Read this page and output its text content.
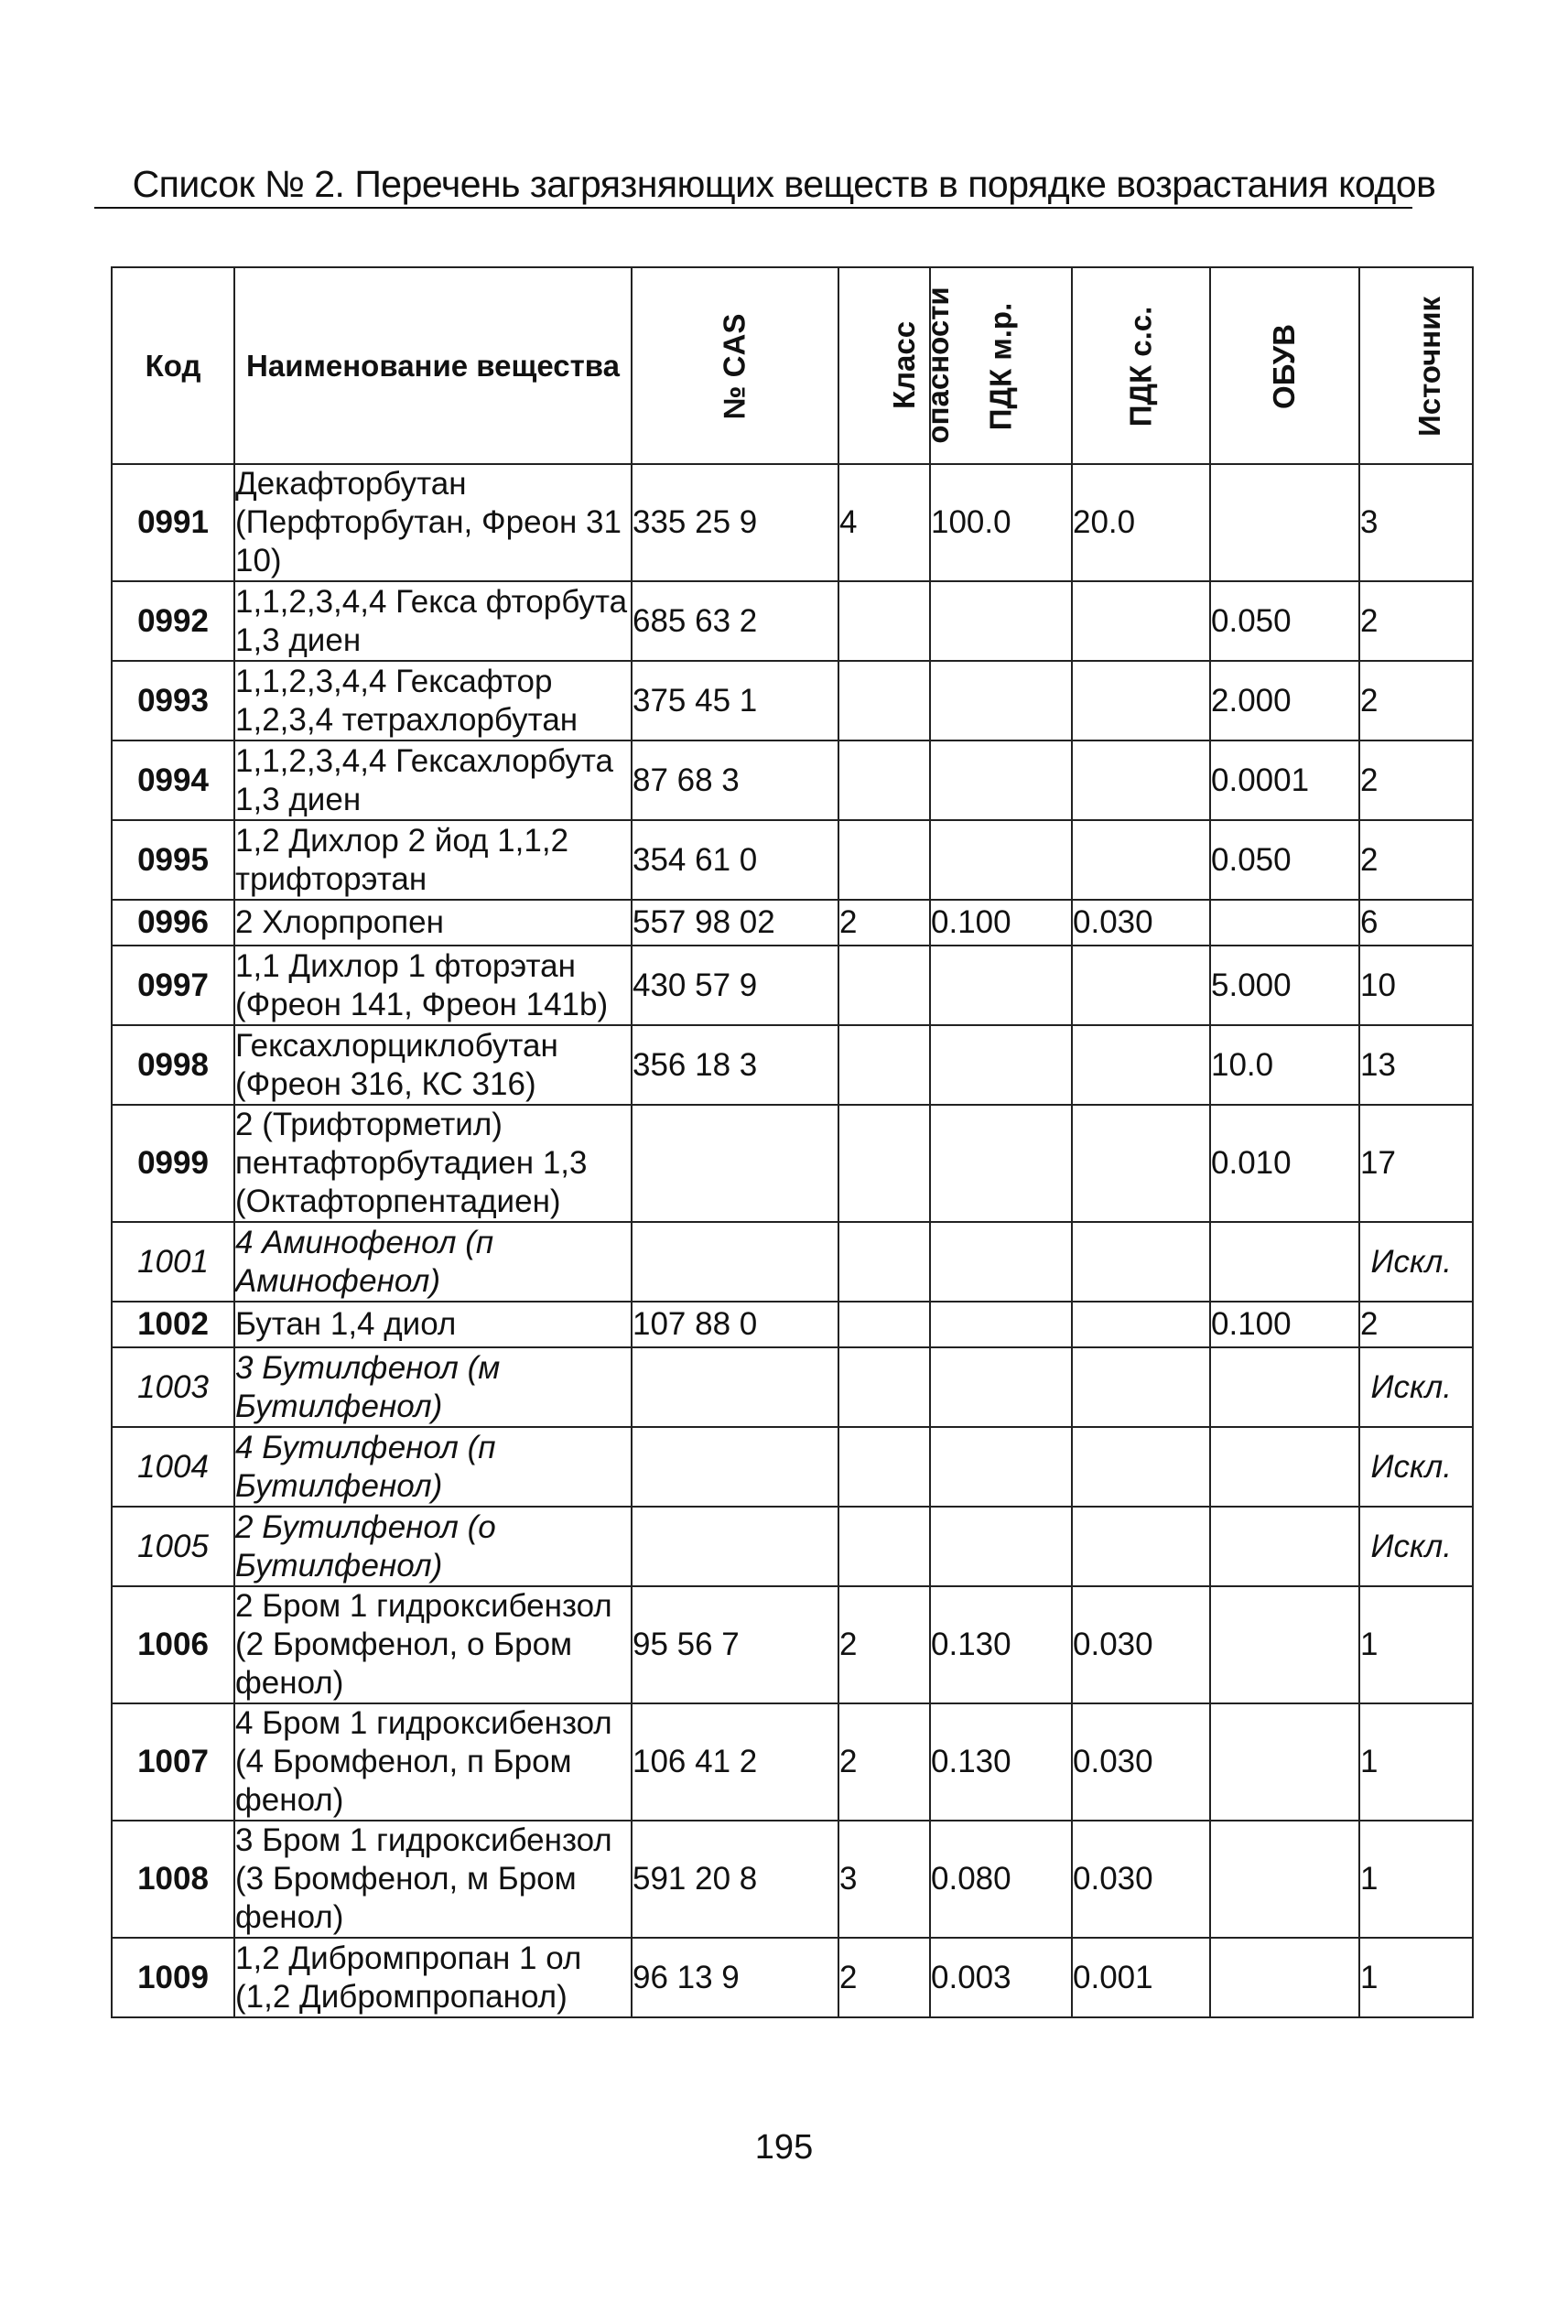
Список № 2. Перечень загрязняющих веществ в порядке возрастания кодов
Код	Наименование вещества	№ CAS	Класс опасности	ПДК м.р.	ПДК с.с.	ОБУВ	Источник
0991	Декафторбутан (Перфторбутан, Фреон 31 10)	335 25 9	4	100.0	20.0		3
0992	1,1,2,3,4,4 Гекса фторбута 1,3 диен	685 63 2				0.050	2
0993	1,1,2,3,4,4 Гексафтор 1,2,3,4 тетрахлорбутан	375 45 1				2.000	2
0994	1,1,2,3,4,4 Гексахлорбута 1,3 диен	87 68 3				0.0001	2
0995	1,2 Дихлор 2 йод 1,1,2 трифторэтан	354 61 0				0.050	2
0996	2 Хлорпропен	557 98 02	2	0.100	0.030		6
0997	1,1 Дихлор 1 фторэтан (Фреон 141, Фреон 141b)	430 57 9				5.000	10
0998	Гексахлорциклобутан (Фреон 316, КС 316)	356 18 3				10.0	13
0999	2 (Трифторметил) пентафторбутадиен 1,3 (Октафторпентадиен)					0.010	17
1001	4 Аминофенол (п Аминофенол)						Искл.
1002	Бутан 1,4 диол	107 88 0				0.100	2
1003	3 Бутилфенол (м Бутилфенол)						Искл.
1004	4 Бутилфенол (п Бутилфенол)						Искл.
1005	2 Бутилфенол (о Бутилфенол)						Искл.
1006	2 Бром 1 гидроксибензол (2 Бромфенол, о Бром фенол)	95 56 7	2	0.130	0.030		1
1007	4 Бром 1 гидроксибензол (4 Бромфенол, п Бром фенол)	106 41 2	2	0.130	0.030		1
1008	3 Бром 1 гидроксибензол (3 Бромфенол, м Бром фенол)	591 20 8	3	0.080	0.030		1
1009	1,2 Дибромпропан 1 ол (1,2 Дибромпропанол)	96 13 9	2	0.003	0.001		1
195
